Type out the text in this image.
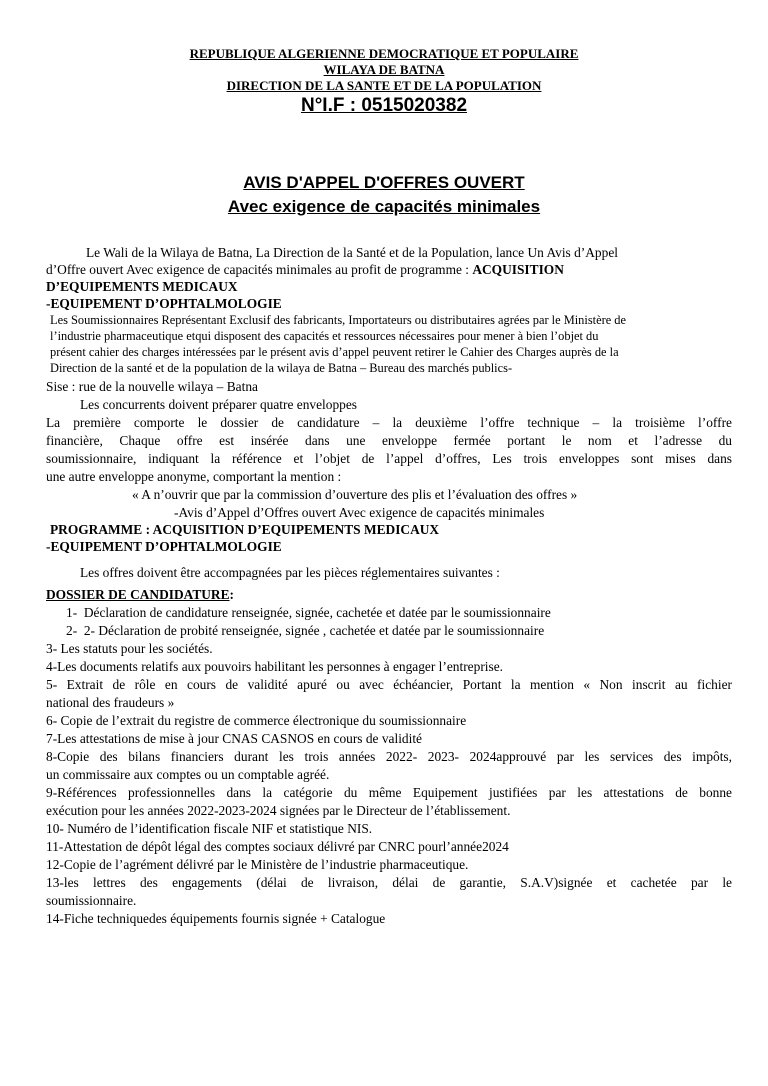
REPUBLIQUE ALGERIENNE DEMOCRATIQUE ET POPULAIRE
WILAYA DE BATNA
DIRECTION DE LA SANTE ET DE LA POPULATION
N°I.F : 0515020382
AVIS D'APPEL D'OFFRES OUVERT
Avec exigence de capacités minimales
Le Wali de la Wilaya de Batna, La Direction de la Santé et de la Population, lance Un Avis d’Appel
d’Offre ouvert Avec exigence de capacités minimales au profit de programme : ACQUISITION
D’EQUIPEMENTS MEDICAUX
-EQUIPEMENT D’OPHTALMOLOGIE
Les Soumissionnaires Représentant Exclusif des fabricants, Importateurs ou distributaires agrées par le Ministère de
l’industrie pharmaceutique etqui disposent des capacités et ressources nécessaires pour mener à bien l’objet du
présent cahier des charges intéressées par le présent avis d’appel peuvent retirer le Cahier des Charges auprès de la
Direction de la santé et de la population de la wilaya de Batna – Bureau des marchés publics-
Sise : rue de la nouvelle wilaya – Batna
Les concurrents doivent préparer quatre enveloppes
La première comporte le dossier de candidature – la deuxième l’offre technique – la troisième l’offre
financière, Chaque offre est insérée dans une enveloppe fermée portant le nom et l’adresse du
soumissionnaire, indiquant la référence et l’objet de l’appel d’offres, Les trois enveloppes sont mises dans
une autre enveloppe anonyme, comportant la mention :
« A n’ouvrir que par la commission d’ouverture des plis et l’évaluation des offres »
-Avis d’Appel d’Offres ouvert Avec exigence de capacités minimales
PROGRAMME : ACQUISITION D’EQUIPEMENTS MEDICAUX
-EQUIPEMENT D’OPHTALMOLOGIE
Les offres doivent être accompagnées par les pièces réglementaires suivantes :
DOSSIER DE CANDIDATURE:
1- Déclaration de candidature renseignée, signée, cachetée et datée par le soumissionnaire
2- 2- Déclaration de probité renseignée, signée , cachetée et datée par le soumissionnaire
3- Les statuts pour les sociétés.
4-Les documents relatifs aux pouvoirs habilitant les personnes à engager l’entreprise.
5- Extrait de rôle en cours de validité apuré ou avec échéancier, Portant la mention « Non inscrit au fichier
national des fraudeurs »
6- Copie de l’extrait du registre de commerce électronique du soumissionnaire
7-Les attestations de mise à jour CNAS CASNOS en cours de validité
8-Copie des bilans financiers durant les trois années 2022- 2023- 2024approuvé par les services des impôts,
un commissaire aux comptes ou un comptable agréé.
9-Références professionnelles dans la catégorie du même Equipement justifiées par les attestations de bonne
exécution pour les années 2022-2023-2024 signées par le Directeur de l’établissement.
10- Numéro de l’identification fiscale NIF et statistique NIS.
11-Attestation de dépôt légal des comptes sociaux délivré par CNRC pourl’année2024
12-Copie de l’agrément délivré par le Ministère de l’industrie pharmaceutique.
13-les lettres des engagements (délai de livraison, délai de garantie, S.A.V)signée et cachetée par le
soumissionnaire.
14-Fiche techniquedes équipements fournis signée + Catalogue
